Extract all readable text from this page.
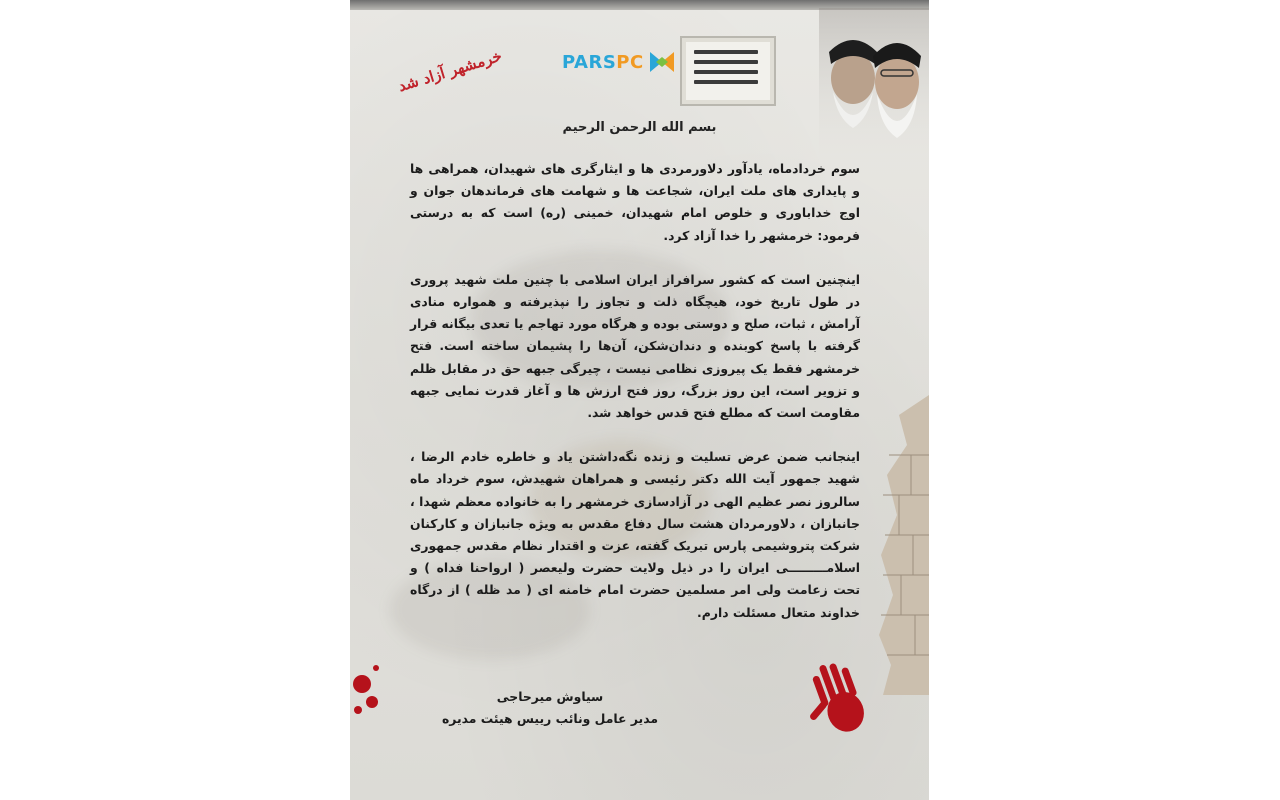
خرمشهر آزاد شد	PARSPC
بسم الله الرحمن الرحیم

سوم خردادماه، یادآور دلاورمردی ها و ایثارگری های شهیدان، همراهی ها و پایداری های ملت ایران، شجاعت ها و شهامت های فرماندهان جوان و اوج خداباوری و خلوص امام شهیدان، خمینی (ره) است که به درستی فرمود: خرمشهر را خدا آزاد کرد.

اینچنین است که کشور سرافراز ایران اسلامی با چنین ملت شهید پروری در طول تاریخ خود، هیچگاه ذلت و تجاوز را نپذیرفته و همواره منادی آرامش ، ثبات، صلح و دوستی بوده و هرگاه مورد تهاجم یا تعدی بیگانه قرار گرفته با پاسخ کوبنده و دندان‌شکن، آن‌ها را پشیمان ساخته است. فتح خرمشهر فقط یک پیروزی نظامی نیست ، چیرگی جبهه حق در مقابل ظلم و تزویر است، این روز بزرگ، روز فتح ارزش ها و آغاز قدرت نمایی جبهه مقاومت است که مطلع فتح قدس خواهد شد.

اینجانب ضمن عرض تسلیت و زنده نگه‌داشتن یاد و خاطره خادم الرضا ، شهید جمهور آیت الله دکتر رئیسی و همراهان شهیدش، سوم خرداد ماه سالروز نصر عظیم الهی در آزادسازی خرمشهر را به خانواده معظم شهدا ، جانبازان ، دلاورمردان هشت سال دفاع مقدس به ویژه جانبازان و کارکنان شرکت پتروشیمی پارس تبریک گفته، عزت و اقتدار نظام مقدس جمهوری اسلامـــــــــی ایران را در ذیل ولایت حضرت ولیعصر ( ارواحنا فداه ) و تحت زعامت ولی امر مسلمین حضرت امام خامنه ای ( مد ظله ) از درگاه خداوند متعال مسئلت دارم.

سیاوش میرحاجی
مدیر عامل ونائب رییس هیئت مدیره
